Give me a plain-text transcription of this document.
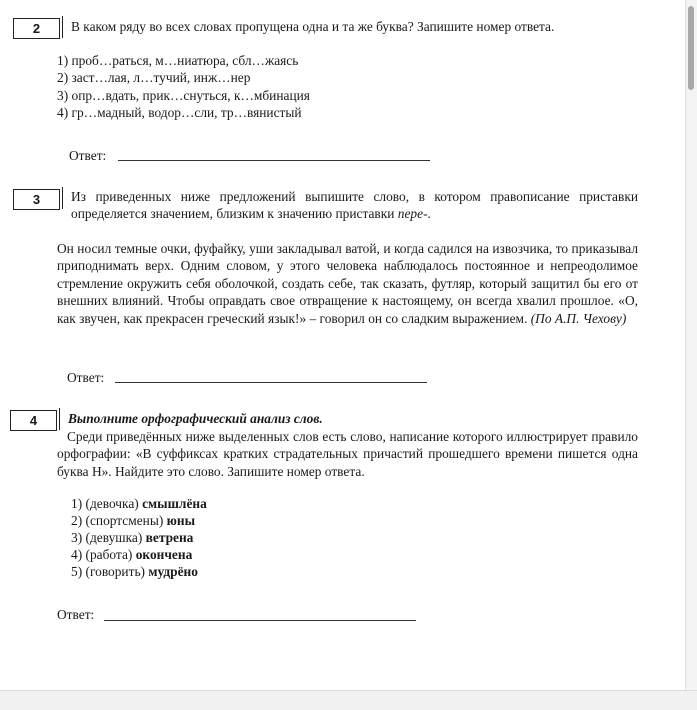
2	В каком ряду во всех словах пропущена одна и та же буква? Запишите номер ответа.
1) проб…раться, м…ниатюра, сбл…жаясь
2) заст…лая, л…тучий, инж…нер
3) опр…вдать, прик…снуться, к…мбинация
4) гр…мадный, водор…сли, тр…вянистый
Ответ:
3	Из приведенных ниже предложений выпишите слово, в котором правописание приставки определяется значением, близким к значению приставки пере-.
Он носил темные очки, фуфайку, уши закладывал ватой, и когда садился на извозчика, то приказывал приподнимать верх. Одним словом, у этого человека наблюдалось постоянное и непреодолимое стремление окружить себя оболочкой, создать себе, так сказать, футляр, который защитил бы его от внешних влияний. Чтобы оправдать свое отвращение к настоящему, он всегда хвалил прошлое. «О, как звучен, как прекрасен греческий язык!» – говорил он со сладким выражением. (По А.П. Чехову)
Ответ:
4	Выполните орфографический анализ слов.
Среди приведённых ниже выделенных слов есть слово, написание которого иллюстрирует правило орфографии: «В суффиксах кратких страдательных причастий прошедшего времени пишется одна буква Н». Найдите это слово. Запишите номер ответа.
1) (девочка) смышлёна
2) (спортсмены) юны
3) (девушка) ветрена
4) (работа) окончена
5) (говорить) мудрёно
Ответ:
